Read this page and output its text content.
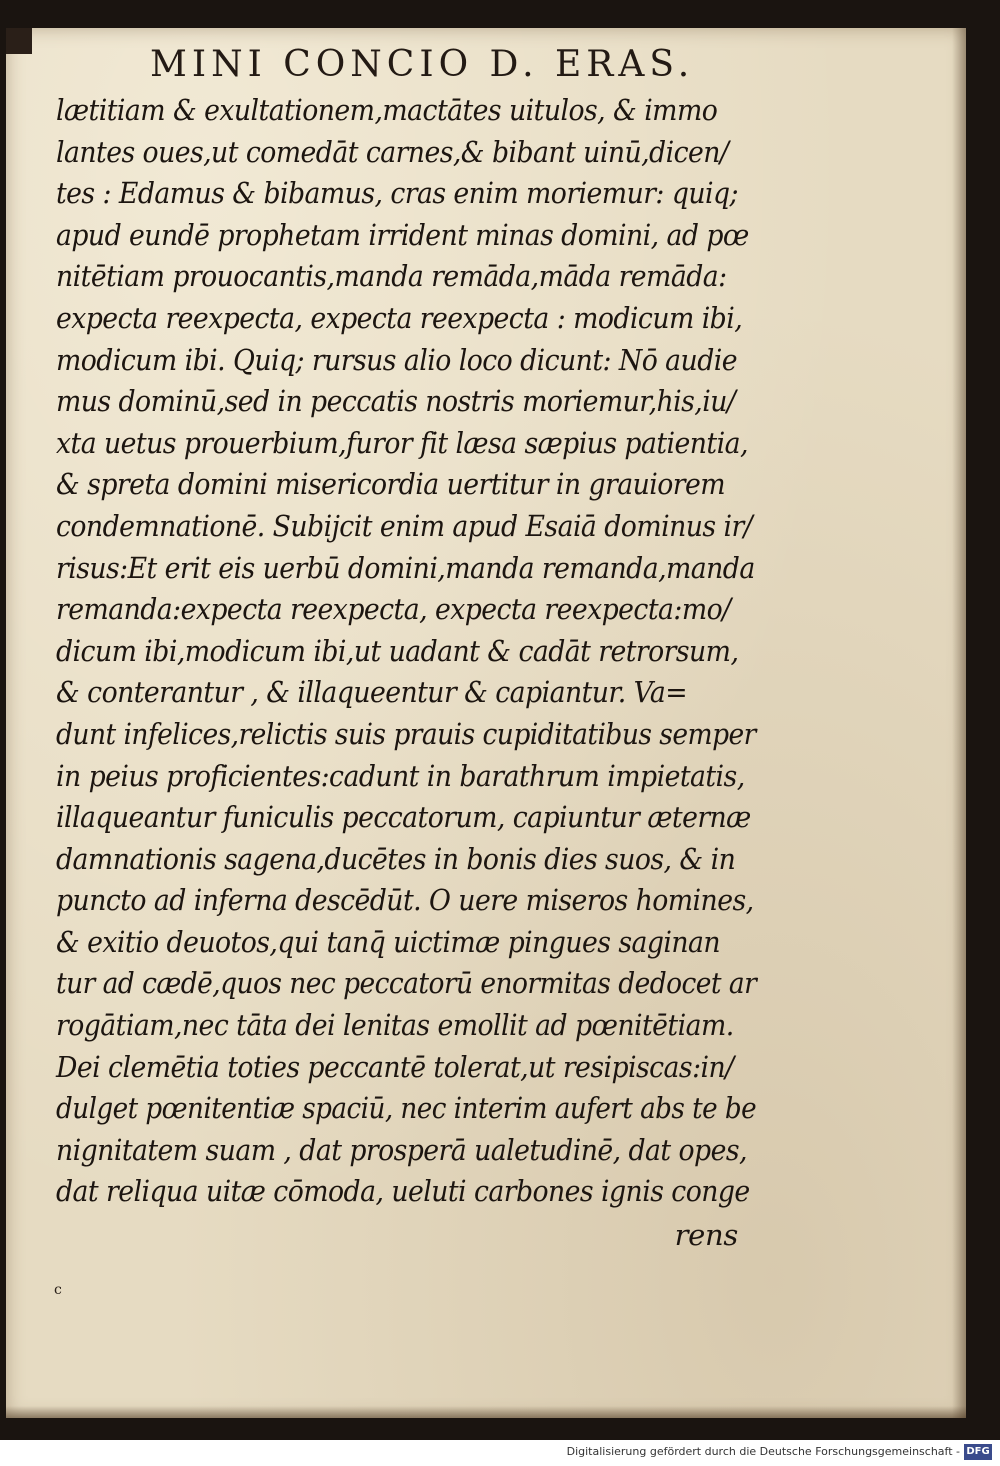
MINI CONCIO D. ERAS.
lætitiam & exultationem,mactātes uitulos, & immo
lantes oues,ut comedāt carnes,& bibant uinū,dicen/
tes : Edamus & bibamus, cras enim moriemur: quiq;
apud eundē prophetam irrident minas domini, ad pœ
nitētiam prouocantis,manda remāda,māda remāda:
expecta reexpecta, expecta reexpecta : modicum ibi,
modicum ibi. Quiq; rursus alio loco dicunt: Nō audie
mus dominū,sed in peccatis nostris moriemur,his,iu/
xta uetus prouerbium,furor fit læsa sæpius patientia,
& spreta domini misericordia uertitur in grauiorem
condemnationē. Subijcit enim apud Esaiā dominus ir/
risus:Et erit eis uerbū domini,manda remanda,manda
remanda:expecta reexpecta, expecta reexpecta:mo/
dicum ibi,modicum ibi,ut uadant & cadāt retrorsum,
& conterantur , & illaqueentur & capiantur. Va=
dunt infelices,relictis suis prauis cupiditatibus semper
in peius proficientes:cadunt in barathrum impietatis,
illaqueantur funiculis peccatorum, capiuntur æternæ
damnationis sagena,ducētes in bonis dies suos, & in
puncto ad inferna descēdūt. O uere miseros homines,
& exitio deuotos,qui tanq̄ uictimæ pingues saginan
tur ad cædē,quos nec peccatorū enormitas dedocet ar
rogātiam,nec tāta dei lenitas emollit ad pœnitētiam.
Dei clemētia toties peccantē tolerat,ut resipiscas:in/
dulget pœnitentiæ spaciū, nec interim aufert abs te be
nignitatem suam , dat prosperā ualetudinē, dat opes,
dat reliqua uitæ cōmoda, ueluti carbones ignis conge
rens
c
Digitalisierung gefördert durch die Deutsche Forschungsgemeinschaft - DFG
